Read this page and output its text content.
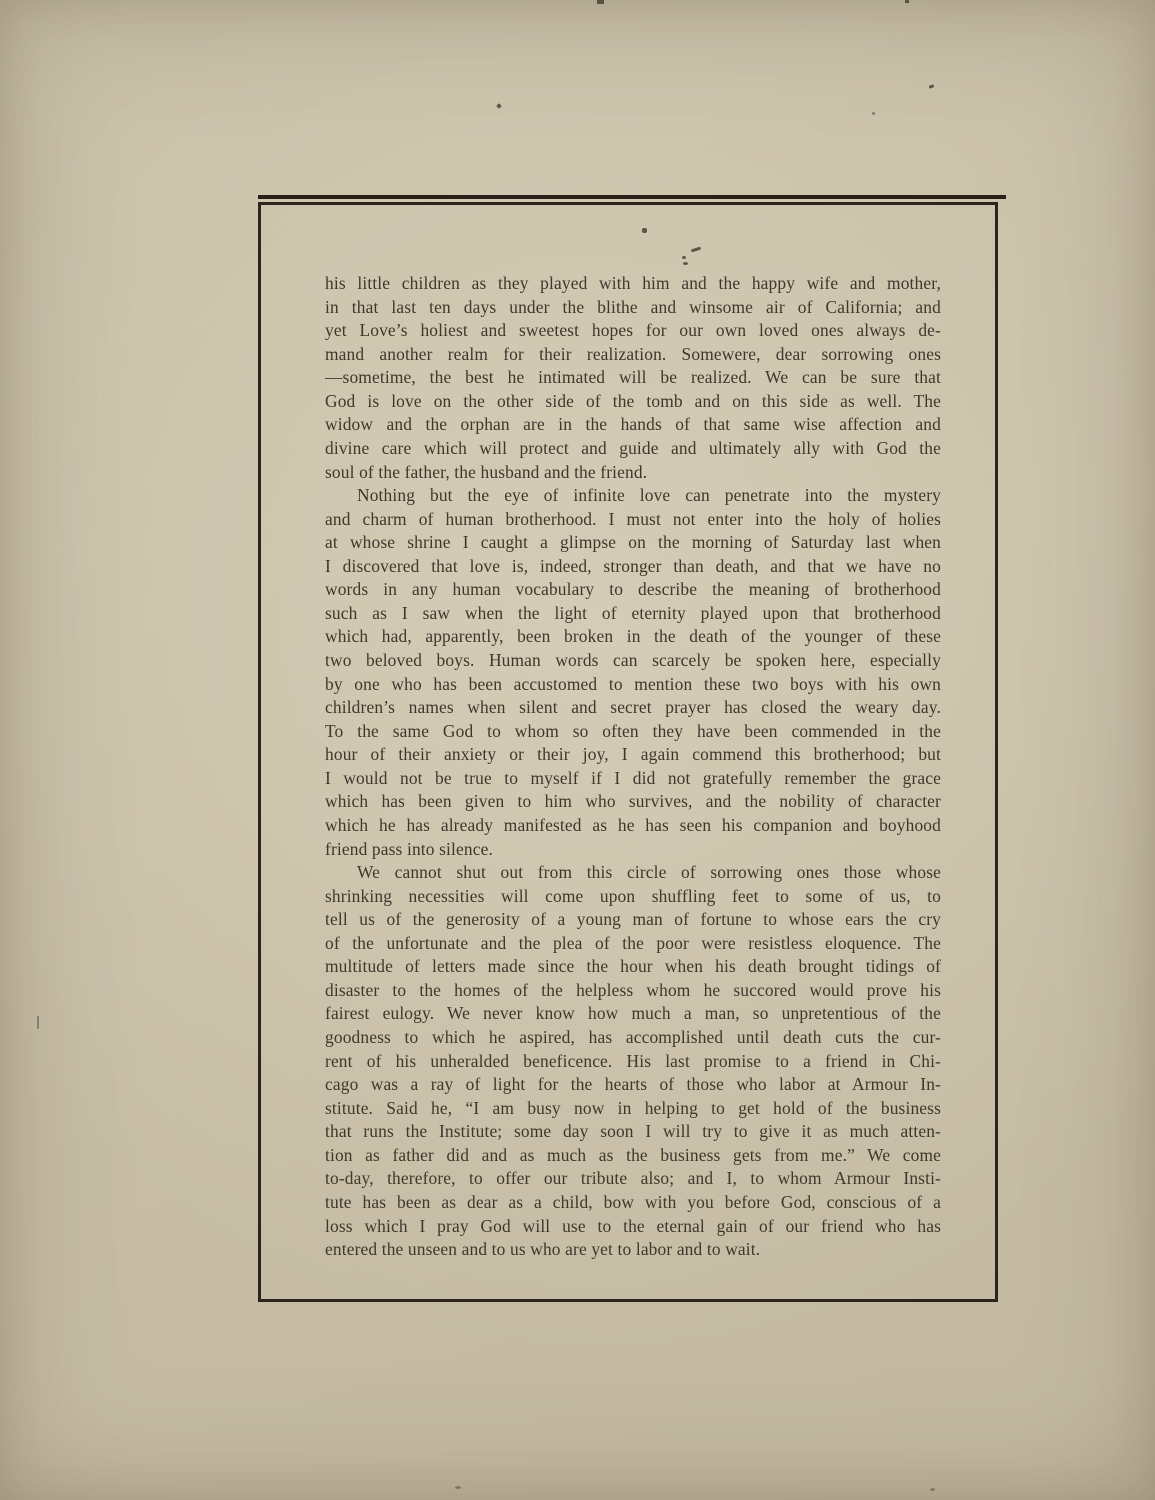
his little children as they played with him and the happy wife and mother,
in that last ten days under the blithe and winsome air of California; and
yet Love’s holiest and sweetest hopes for our own loved ones always de-
mand another realm for their realization. Somewere, dear sorrowing ones
—sometime, the best he intimated will be realized. We can be sure that
God is love on the other side of the tomb and on this side as well. The
widow and the orphan are in the hands of that same wise affection and
divine care which will protect and guide and ultimately ally with God the
soul of the father, the husband and the friend.
Nothing but the eye of infinite love can penetrate into the mystery
and charm of human brotherhood. I must not enter into the holy of holies
at whose shrine I caught a glimpse on the morning of Saturday last when
I discovered that love is, indeed, stronger than death, and that we have no
words in any human vocabulary to describe the meaning of brotherhood
such as I saw when the light of eternity played upon that brotherhood
which had, apparently, been broken in the death of the younger of these
two beloved boys. Human words can scarcely be spoken here, especially
by one who has been accustomed to mention these two boys with his own
children’s names when silent and secret prayer has closed the weary day.
To the same God to whom so often they have been commended in the
hour of their anxiety or their joy, I again commend this brotherhood; but
I would not be true to myself if I did not gratefully remember the grace
which has been given to him who survives, and the nobility of character
which he has already manifested as he has seen his companion and boyhood
friend pass into silence.
We cannot shut out from this circle of sorrowing ones those whose
shrinking necessities will come upon shuffling feet to some of us, to
tell us of the generosity of a young man of fortune to whose ears the cry
of the unfortunate and the plea of the poor were resistless eloquence. The
multitude of letters made since the hour when his death brought tidings of
disaster to the homes of the helpless whom he succored would prove his
fairest eulogy. We never know how much a man, so unpretentious of the
goodness to which he aspired, has accomplished until death cuts the cur-
rent of his unheralded beneficence. His last promise to a friend in Chi-
cago was a ray of light for the hearts of those who labor at Armour In-
stitute. Said he, “I am busy now in helping to get hold of the business
that runs the Institute; some day soon I will try to give it as much atten-
tion as father did and as much as the business gets from me.” We come
to-day, therefore, to offer our tribute also; and I, to whom Armour Insti-
tute has been as dear as a child, bow with you before God, conscious of a
loss which I pray God will use to the eternal gain of our friend who has
entered the unseen and to us who are yet to labor and to wait.
